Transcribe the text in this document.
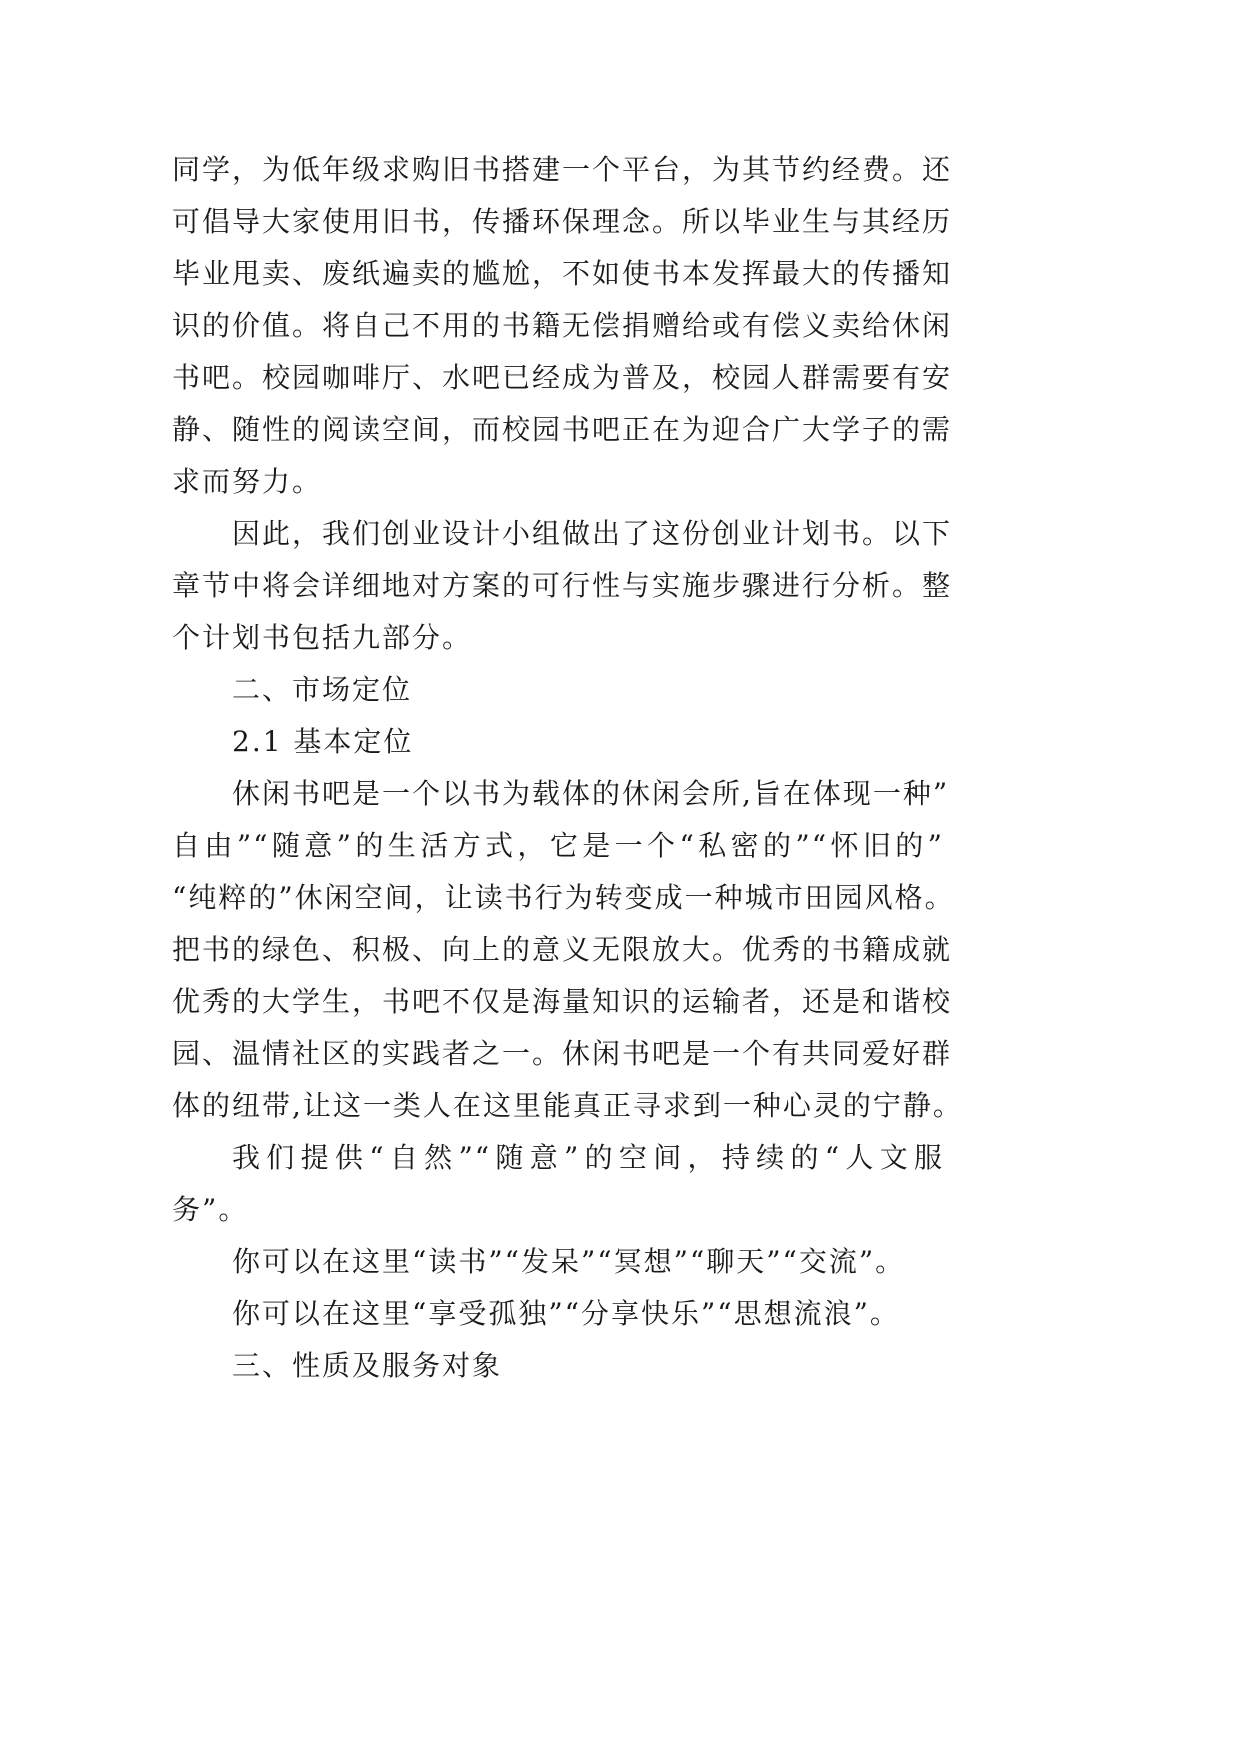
同学，为低年级求购旧书搭建一个平台，为其节约经费。还
可倡导大家使用旧书，传播环保理念。所以毕业生与其经历
毕业甩卖、废纸遍卖的尴尬，不如使书本发挥最大的传播知
识的价值。将自己不用的书籍无偿捐赠给或有偿义卖给休闲
书吧。校园咖啡厅、水吧已经成为普及，校园人群需要有安
静、随性的阅读空间，而校园书吧正在为迎合广大学子的需
求而努力。
因此，我们创业设计小组做出了这份创业计划书。以下
章节中将会详细地对方案的可行性与实施步骤进行分析。整
个计划书包括九部分。
二、市场定位
2.1 基本定位
休闲书吧是一个以书为载体的休闲会所,旨在体现一种”
自由”“随意”的生活方式，它是一个“私密的”“怀旧的”
“纯粹的”休闲空间，让读书行为转变成一种城市田园风格。
把书的绿色、积极、向上的意义无限放大。优秀的书籍成就
优秀的大学生，书吧不仅是海量知识的运输者，还是和谐校
园、温情社区的实践者之一。休闲书吧是一个有共同爱好群
体的纽带,让这一类人在这里能真正寻求到一种心灵的宁静。
我们提供“自然”“随意”的空间，持续的“人文服
务”。
你可以在这里“读书”“发呆”“冥想”“聊天”“交流”。
你可以在这里“享受孤独”“分享快乐”“思想流浪”。
三、性质及服务对象
